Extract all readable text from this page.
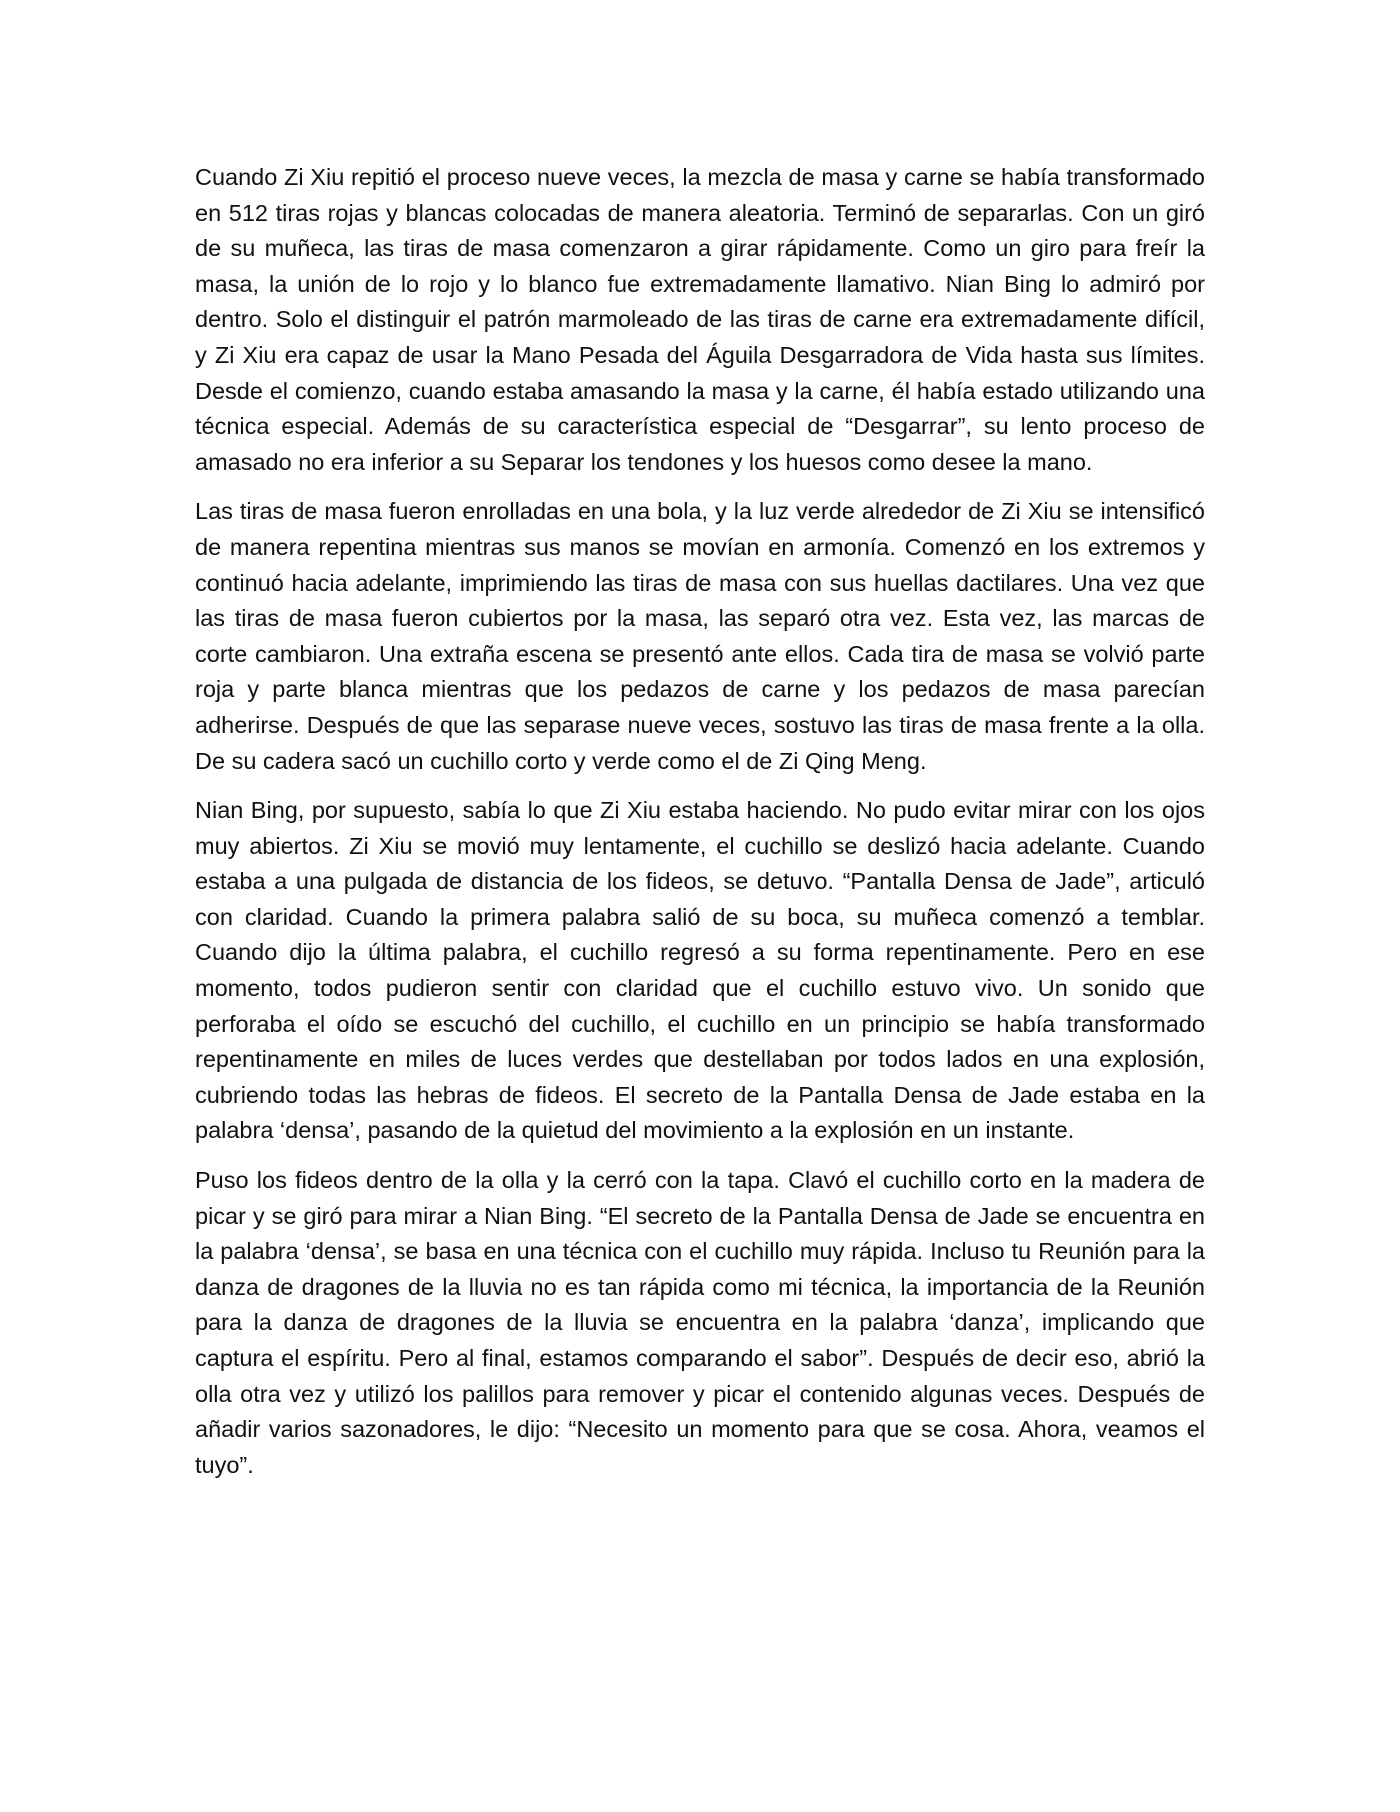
Cuando Zi Xiu repitió el proceso nueve veces, la mezcla de masa y carne se había transformado en 512 tiras rojas y blancas colocadas de manera aleatoria. Terminó de separarlas. Con un giró de su muñeca, las tiras de masa comenzaron a girar rápidamente. Como un giro para freír la masa, la unión de lo rojo y lo blanco fue extremadamente llamativo. Nian Bing lo admiró por dentro. Solo el distinguir el patrón marmoleado de las tiras de carne era extremadamente difícil, y Zi Xiu era capaz de usar la Mano Pesada del Águila Desgarradora de Vida hasta sus límites. Desde el comienzo, cuando estaba amasando la masa y la carne, él había estado utilizando una técnica especial. Además de su característica especial de “Desgarrar”, su lento proceso de amasado no era inferior a su Separar los tendones y los huesos como desee la mano.

Las tiras de masa fueron enrolladas en una bola, y la luz verde alrededor de Zi Xiu se intensificó de manera repentina mientras sus manos se movían en armonía. Comenzó en los extremos y continuó hacia adelante, imprimiendo las tiras de masa con sus huellas dactilares. Una vez que las tiras de masa fueron cubiertos por la masa, las separó otra vez. Esta vez, las marcas de corte cambiaron. Una extraña escena se presentó ante ellos. Cada tira de masa se volvió parte roja y parte blanca mientras que los pedazos de carne y los pedazos de masa parecían adherirse. Después de que las separase nueve veces, sostuvo las tiras de masa frente a la olla. De su cadera sacó un cuchillo corto y verde como el de Zi Qing Meng.

Nian Bing, por supuesto, sabía lo que Zi Xiu estaba haciendo. No pudo evitar mirar con los ojos muy abiertos. Zi Xiu se movió muy lentamente, el cuchillo se deslizó hacia adelante. Cuando estaba a una pulgada de distancia de los fideos, se detuvo. “Pantalla Densa de Jade”, articuló con claridad. Cuando la primera palabra salió de su boca, su muñeca comenzó a temblar. Cuando dijo la última palabra, el cuchillo regresó a su forma repentinamente. Pero en ese momento, todos pudieron sentir con claridad que el cuchillo estuvo vivo. Un sonido que perforaba el oído se escuchó del cuchillo, el cuchillo en un principio se había transformado repentinamente en miles de luces verdes que destellaban por todos lados en una explosión, cubriendo todas las hebras de fideos. El secreto de la Pantalla Densa de Jade estaba en la palabra ‘densa’, pasando de la quietud del movimiento a la explosión en un instante.

Puso los fideos dentro de la olla y la cerró con la tapa. Clavó el cuchillo corto en la madera de picar y se giró para mirar a Nian Bing. “El secreto de la Pantalla Densa de Jade se encuentra en la palabra ‘densa’, se basa en una técnica con el cuchillo muy rápida. Incluso tu Reunión para la danza de dragones de la lluvia no es tan rápida como mi técnica, la importancia de la Reunión para la danza de dragones de la lluvia se encuentra en la palabra ‘danza’, implicando que captura el espíritu. Pero al final, estamos comparando el sabor”. Después de decir eso, abrió la olla otra vez y utilizó los palillos para remover y picar el contenido algunas veces. Después de añadir varios sazonadores, le dijo: “Necesito un momento para que se cosa. Ahora, veamos el tuyo”.
